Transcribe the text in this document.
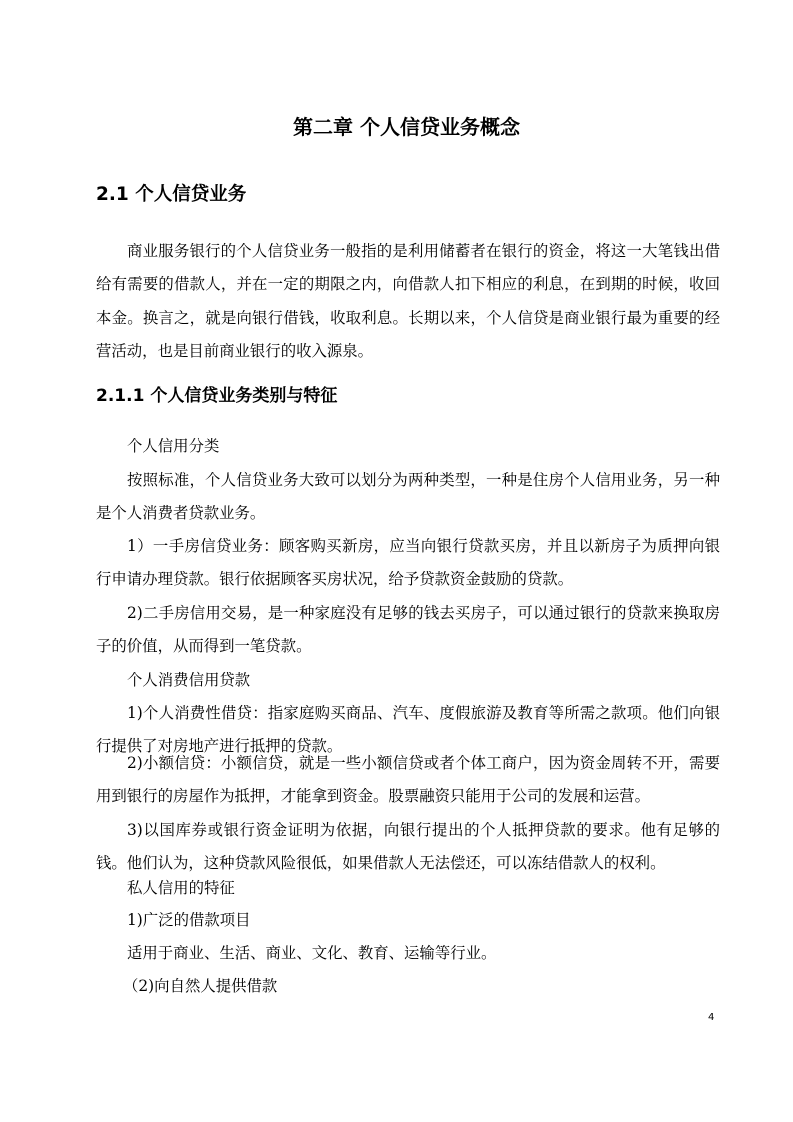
第二章 个人信贷业务概念
2.1 个人信贷业务

商业服务银行的个人信贷业务一般指的是利用储蓄者在银行的资金，将这一大笔钱出借给有需要的借款人，并在一定的期限之内，向借款人扣下相应的利息，在到期的时候，收回本金。换言之，就是向银行借钱，收取利息。长期以来，个人信贷是商业银行最为重要的经营活动，也是目前商业银行的收入源泉。

2.1.1 个人信贷业务类别与特征

个人信用分类

按照标准，个人信贷业务大致可以划分为两种类型，一种是住房个人信用业务，另一种是个人消费者贷款业务。

1）一手房信贷业务：顾客购买新房，应当向银行贷款买房，并且以新房子为质押向银行申请办理贷款。银行依据顾客买房状况，给予贷款资金鼓励的贷款。

2)二手房信用交易，是一种家庭没有足够的钱去买房子，可以通过银行的贷款来换取房子的价值，从而得到一笔贷款。

个人消费信用贷款

1)个人消费性借贷：指家庭购买商品、汽车、度假旅游及教育等所需之款项。他们向银行提供了对房地产进行抵押的贷款。

2)小额信贷：小额信贷，就是一些小额信贷或者个体工商户，因为资金周转不开，需要用到银行的房屋作为抵押，才能拿到资金。股票融资只能用于公司的发展和运营。

3)以国库券或银行资金证明为依据，向银行提出的个人抵押贷款的要求。他有足够的钱。他们认为，这种贷款风险很低，如果借款人无法偿还，可以冻结借款人的权利。

私人信用的特征

1)广泛的借款项目

适用于商业、生活、商业、文化、教育、运输等行业。

（2)向自然人提供借款

4
